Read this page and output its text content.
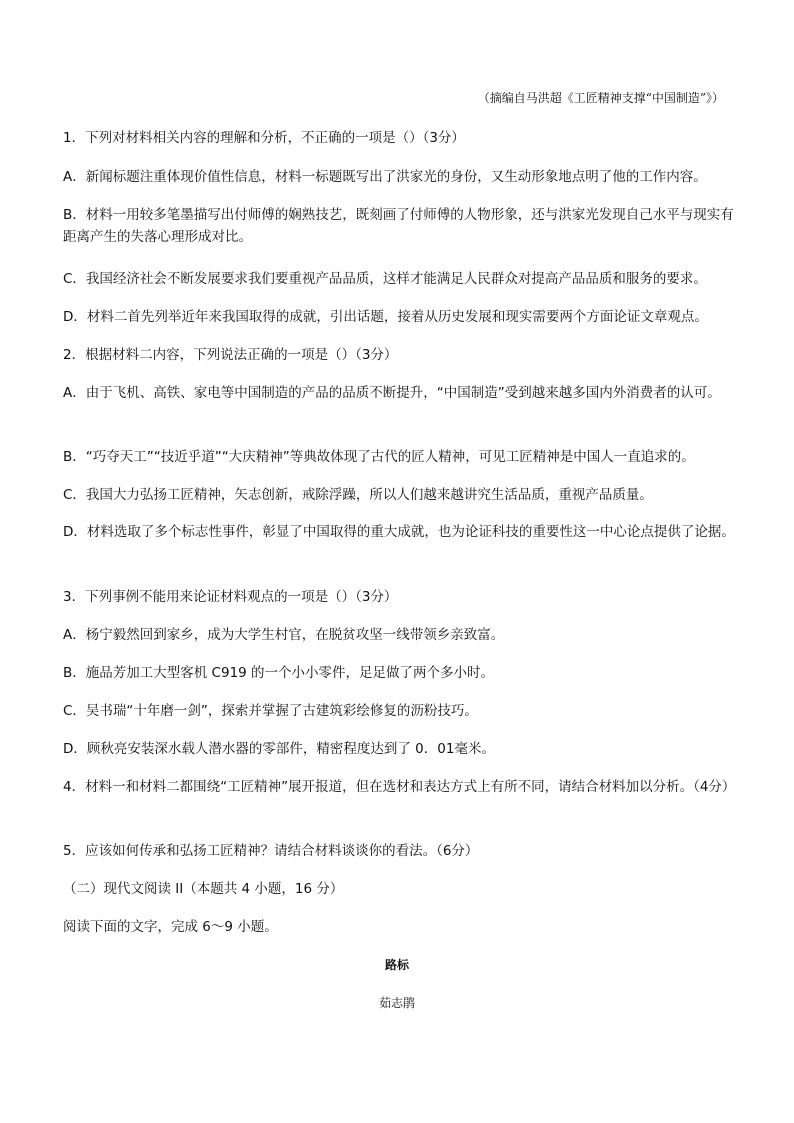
（摘编自马洪超《工匠精神支撑“中国制造”》）
1．下列对材料相关内容的理解和分析，不正确的一项是（）（3分）
A．新闻标题注重体现价值性信息，材料一标题既写出了洪家光的身份，又生动形象地点明了他的工作内容。
B．材料一用较多笔墨描写出付师傅的娴熟技艺，既刻画了付师傅的人物形象，还与洪家光发现自己水平与现实有距离产生的失落心理形成对比。
C．我国经济社会不断发展要求我们要重视产品品质，这样才能满足人民群众对提高产品品质和服务的要求。
D．材料二首先列举近年来我国取得的成就，引出话题，接着从历史发展和现实需要两个方面论证文章观点。
2．根据材料二内容，下列说法正确的一项是（）（3分）
A．由于飞机、高铁、家电等中国制造的产品的品质不断提升，“中国制造”受到越来越多国内外消费者的认可。
B．“巧夺天工”“技近乎道”“大庆精神”等典故体现了古代的匠人精神，可见工匠精神是中国人一直追求的。
C．我国大力弘扬工匠精神，矢志创新，戒除浮躁，所以人们越来越讲究生活品质，重视产品质量。
D．材料选取了多个标志性事件，彰显了中国取得的重大成就，也为论证科技的重要性这一中心论点提供了论据。
3．下列事例不能用来论证材料观点的一项是（）（3分）
A．杨宁毅然回到家乡，成为大学生村官，在脱贫攻坚一线带领乡亲致富。
B．施品芳加工大型客机 C919 的一个小小零件，足足做了两个多小时。
C．吴书瑞“十年磨一剑”，探索并掌握了古建筑彩绘修复的沥粉技巧。
D．顾秋亮安装深水载人潜水器的零部件，精密程度达到了 0．01毫米。
4．材料一和材料二都围绕“工匠精神”展开报道，但在选材和表达方式上有所不同，请结合材料加以分析。（4分）
5．应该如何传承和弘扬工匠精神？请结合材料谈谈你的看法。（6分）
（二）现代文阅读 II（本题共 4 小题，16 分）
阅读下面的文字，完成 6～9 小题。
路标
茹志鹃
